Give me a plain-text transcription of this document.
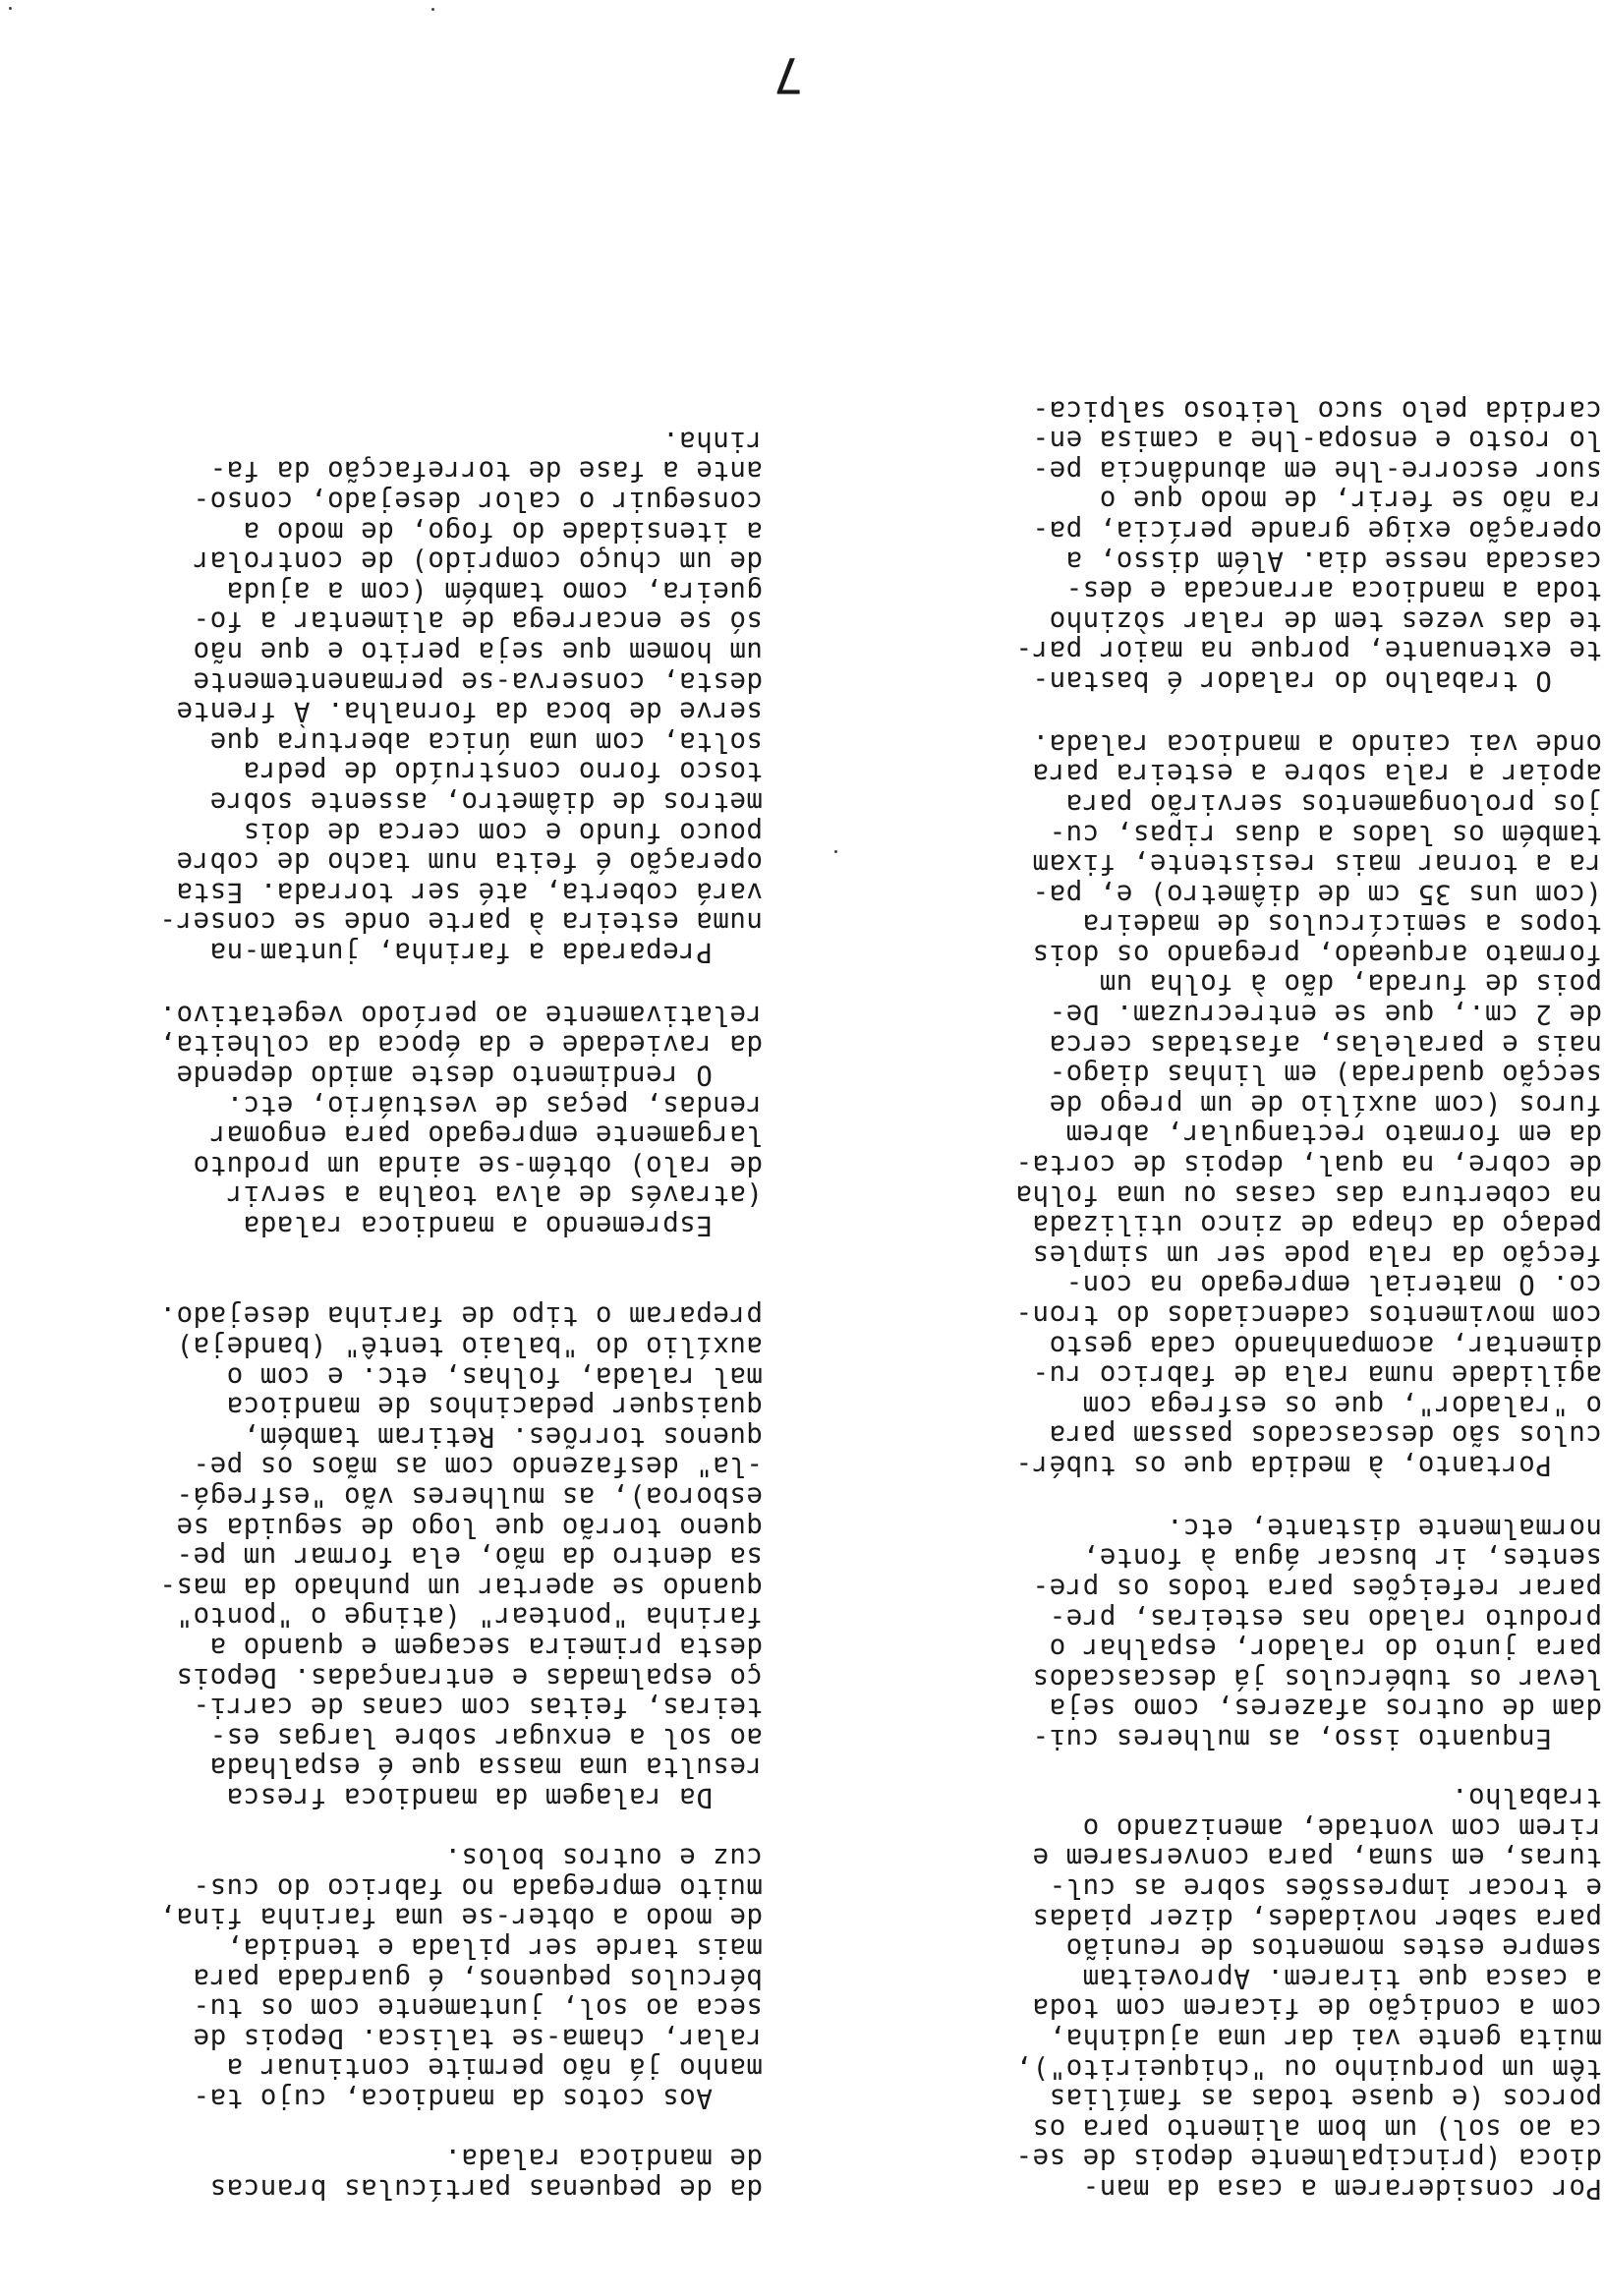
Por considerarem a casa da man-
dioca (principalmente depois de se-
ca ao sol) um bom alimento para os
porcos (e quase todas as famílias
têm um porquinho ou "chiqueirito"),
muita gente vai dar uma ajudinha,
com a condição de ficarem com toda
a casca que tirarem. Aproveitam
sempre estes momentos de reunião
para saber novidades, dizer piadas
e trocar impressões sobre as cul-
turas, em suma, para conversarem e
rirem com vontade, amenizando o
trabalho.

Enquanto isso, as mulheres cui-
dam de outros afazeres, como seja
levar os tubérculos já descascados
para junto do ralador, espalhar o
produto ralado nas esteiras, pre-
parar refeições para todos os pre-
sentes, ir buscar água à fonte,
normalmente distante, etc.

Portanto, à medida que os tubér-
culos são descascados passam para
o "ralador", que os esfrega com
agilidade numa rala de fabrico ru-
dimentar, acompanhando cada gesto
com movimentos cadenciados do tron-
co. O material empregado na con-
fecção da rala pode ser um simples
pedaço da chapa de zinco utilizada
na cobertura das casas ou uma folha
de cobre, na qual, depois de corta-
da em formato rectangular, abrem
furos (com auxílio de um prego de
secção quadrada) em linhas diago-
nais e paralelas, afastadas cerca
de 2 cm., que se entrecruzam. De-
pois de furada, dão à folha um
formato arqueado, pregando os dois
topos a semicírculos de madeira
(com uns 35 cm de diâmetro) e, pa-
ra a tornar mais resistente, fixam
também os lados a duas ripas, cu-
jos prolongamentos servirão para
apoiar a rala sobre a esteira para
onde vai caindo a mandioca ralada.

O trabalho do ralador é bastan-
te extenuante, porque na maior par-
te das vezes tem de ralar sòzinho
toda a mandioca arrancada e des-
cascada nesse dia. Além disso, a
operação exige grande perícia, pa-
ra não se ferir, de modo que o
suor escorre-lhe em abundância pe-
lo rosto e ensopa-lhe a camisa en-
cardida pelo suco leitoso salpica-

da de pequenas partículas brancas
de mandioca ralada.

Aos cotos da mandioca, cujo ta-
manho já não permite continuar a
ralar, chama-se talisca. Depois de
seca ao sol, juntamente com os tu-
bérculos pequenos, é guardada para
mais tarde ser pilada e tendida,
de modo a obter-se uma farinha fina,
muito empregada no fabrico do cus-
cuz e outros bolos.

Da ralagem da mandioca fresca
resulta uma massa que é espalhada
ao sol a enxugar sobre largas es-
teiras, feitas com canas de carri-
ço espalmadas e entrançadas. Depois
desta primeira secagem e quando a
farinha "pontear" (atinge o "ponto"
quando se apertar um punhado da mas-
sa dentro da mão, ela formar um pe-
queno torrão que logo de seguida se
esboroa), as mulheres vão "esfregá-
-la" desfazendo com as mãos os pe-
quenos torrões. Retiram também,
quaisquer pedacinhos de mandioca
mal ralada, folhas, etc. e com o
auxílio do "balaio tentê" (bandeja)
preparam o tipo de farinha desejado.

Espremendo a mandioca ralada
(através de alva toalha a servir
de ralo) obtém-se ainda um produto
largamente empregado para engomar
rendas, peças de vestuário, etc.
O rendimento deste amido depende
da raviedade e da época da colheita,
relativamente ao período vegetativo.

Preparada a farinha, juntam-na
numa esteira à parte onde se conser-
vará coberta, até ser torrada. Esta
operação é feita num tacho de cobre
pouco fundo e com cerca de dois
metros de diâmetro, assente sobre
tosco forno construído de pedra
solta, com uma única abertura que
serve de boca da fornalha. À frente
desta, conserva-se permanentemente
um homem que seja perito e que não
só se encarrega de alimentar a fo-
gueira, como também (com a ajuda
de um chuço comprido) de controlar
a itensidade do fogo, de modo a
conseguir o calor desejado, conso-
ante a fase de torrefacção da fa-
rinha.

7
